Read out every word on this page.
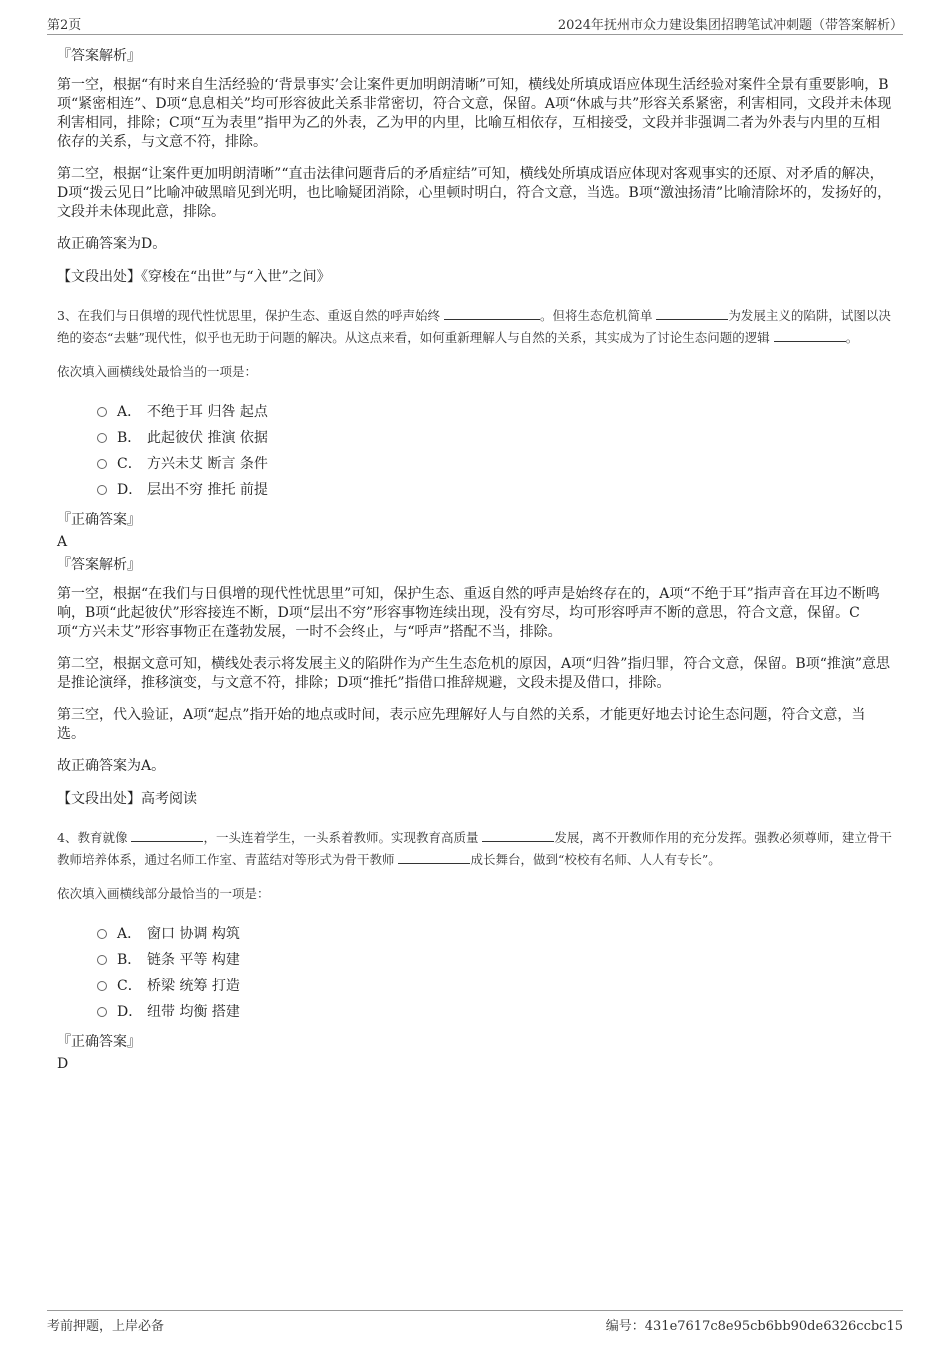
第2页	2024年抚州市众力建设集团招聘笔试冲刺题（带答案解析）
『答案解析』

第一空，根据“有时来自生活经验的‘背景事实’会让案件更加明朗清晰”可知，横线处所填成语应体现生活经验对案件全景有重要影响，B项“紧密相连”、D项“息息相关”均可形容彼此关系非常密切，符合文意，保留。A项“休戚与共”形容关系紧密，利害相同，文段并未体现利害相同，排除；C项“互为表里”指甲为乙的外表，乙为甲的内里，比喻互相依存，互相接受，文段并非强调二者为外表与内里的互相依存的关系，与文意不符，排除。

第二空，根据“让案件更加明朗清晰”“直击法律问题背后的矛盾症结”可知，横线处所填成语应体现对客观事实的还原、对矛盾的解决，D项“拨云见日”比喻冲破黑暗见到光明，也比喻疑团消除，心里顿时明白，符合文意，当选。B项“激浊扬清”比喻清除坏的，发扬好的，文段并未体现此意，排除。

故正确答案为D。

【文段出处】《穿梭在“出世”与“入世”之间》

3、在我们与日俱增的现代性忧思里，保护生态、重返自然的呼声始终	。但将生态危机简单	为发展主义的陷阱，试图以决绝的姿态“去魅”现代性，似乎也无助于问题的解决。从这点来看，如何重新理解人与自然的关系，其实成为了讨论生态问题的逻辑	。

依次填入画横线处最恰当的一项是：

A． 不绝于耳 归咎 起点
B． 此起彼伏 推演 依据
C． 方兴未艾 断言 条件
D． 层出不穷 推托 前提
『正确答案』
A
『答案解析』

第一空，根据“在我们与日俱增的现代性忧思里”可知，保护生态、重返自然的呼声是始终存在的，A项“不绝于耳”指声音在耳边不断鸣响，B项“此起彼伏”形容接连不断，D项“层出不穷”形容事物连续出现，没有穷尽，均可形容呼声不断的意思，符合文意，保留。C项“方兴未艾”形容事物正在蓬勃发展，一时不会终止，与“呼声”搭配不当，排除。

第二空，根据文意可知，横线处表示将发展主义的陷阱作为产生生态危机的原因，A项“归咎”指归罪，符合文意，保留。B项“推演”意思是推论演绎，推移演变，与文意不符，排除；D项“推托”指借口推辞规避，文段未提及借口，排除。

第三空，代入验证，A项“起点”指开始的地点或时间，表示应先理解好人与自然的关系，才能更好地去讨论生态问题，符合文意，当选。

故正确答案为A。

【文段出处】高考阅读

4、教育就像	，一头连着学生，一头系着教师。实现教育高质量	发展，离不开教师作用的充分发挥。强教必须尊师，建立骨干教师培养体系，通过名师工作室、青蓝结对等形式为骨干教师	成长舞台，做到“校校有名师、人人有专长”。

依次填入画横线部分最恰当的一项是：

A． 窗口 协调 构筑
B． 链条 平等 构建
C． 桥梁 统筹 打造
D． 纽带 均衡 搭建
『正确答案』
D
考前押题，上岸必备	编号：431e7617c8e95cb6bb90de6326ccbc15
